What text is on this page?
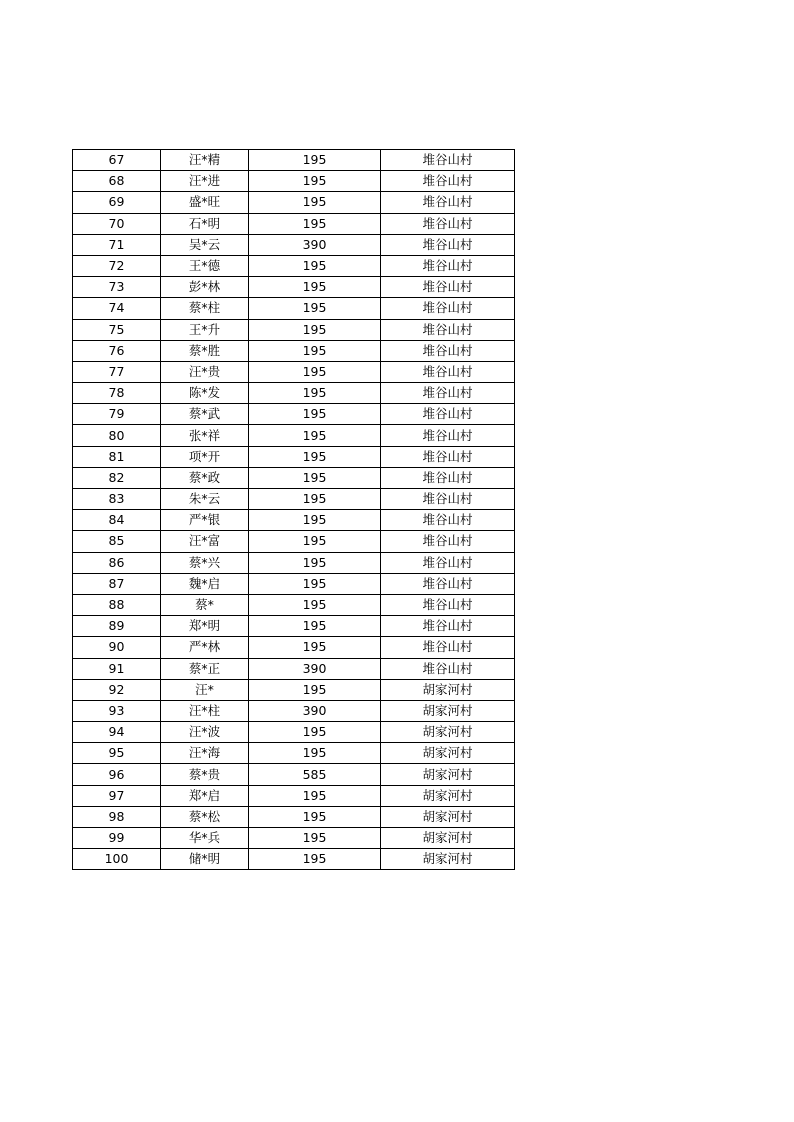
67	汪*精	195	堆谷山村
68	汪*进	195	堆谷山村
69	盛*旺	195	堆谷山村
70	石*明	195	堆谷山村
71	吴*云	390	堆谷山村
72	王*德	195	堆谷山村
73	彭*林	195	堆谷山村
74	蔡*柱	195	堆谷山村
75	王*升	195	堆谷山村
76	蔡*胜	195	堆谷山村
77	汪*贵	195	堆谷山村
78	陈*发	195	堆谷山村
79	蔡*武	195	堆谷山村
80	张*祥	195	堆谷山村
81	项*开	195	堆谷山村
82	蔡*政	195	堆谷山村
83	朱*云	195	堆谷山村
84	严*银	195	堆谷山村
85	汪*富	195	堆谷山村
86	蔡*兴	195	堆谷山村
87	魏*启	195	堆谷山村
88	蔡*	195	堆谷山村
89	郑*明	195	堆谷山村
90	严*林	195	堆谷山村
91	蔡*正	390	堆谷山村
92	汪*	195	胡家河村
93	汪*柱	390	胡家河村
94	汪*波	195	胡家河村
95	汪*海	195	胡家河村
96	蔡*贵	585	胡家河村
97	郑*启	195	胡家河村
98	蔡*松	195	胡家河村
99	华*兵	195	胡家河村
100	储*明	195	胡家河村
